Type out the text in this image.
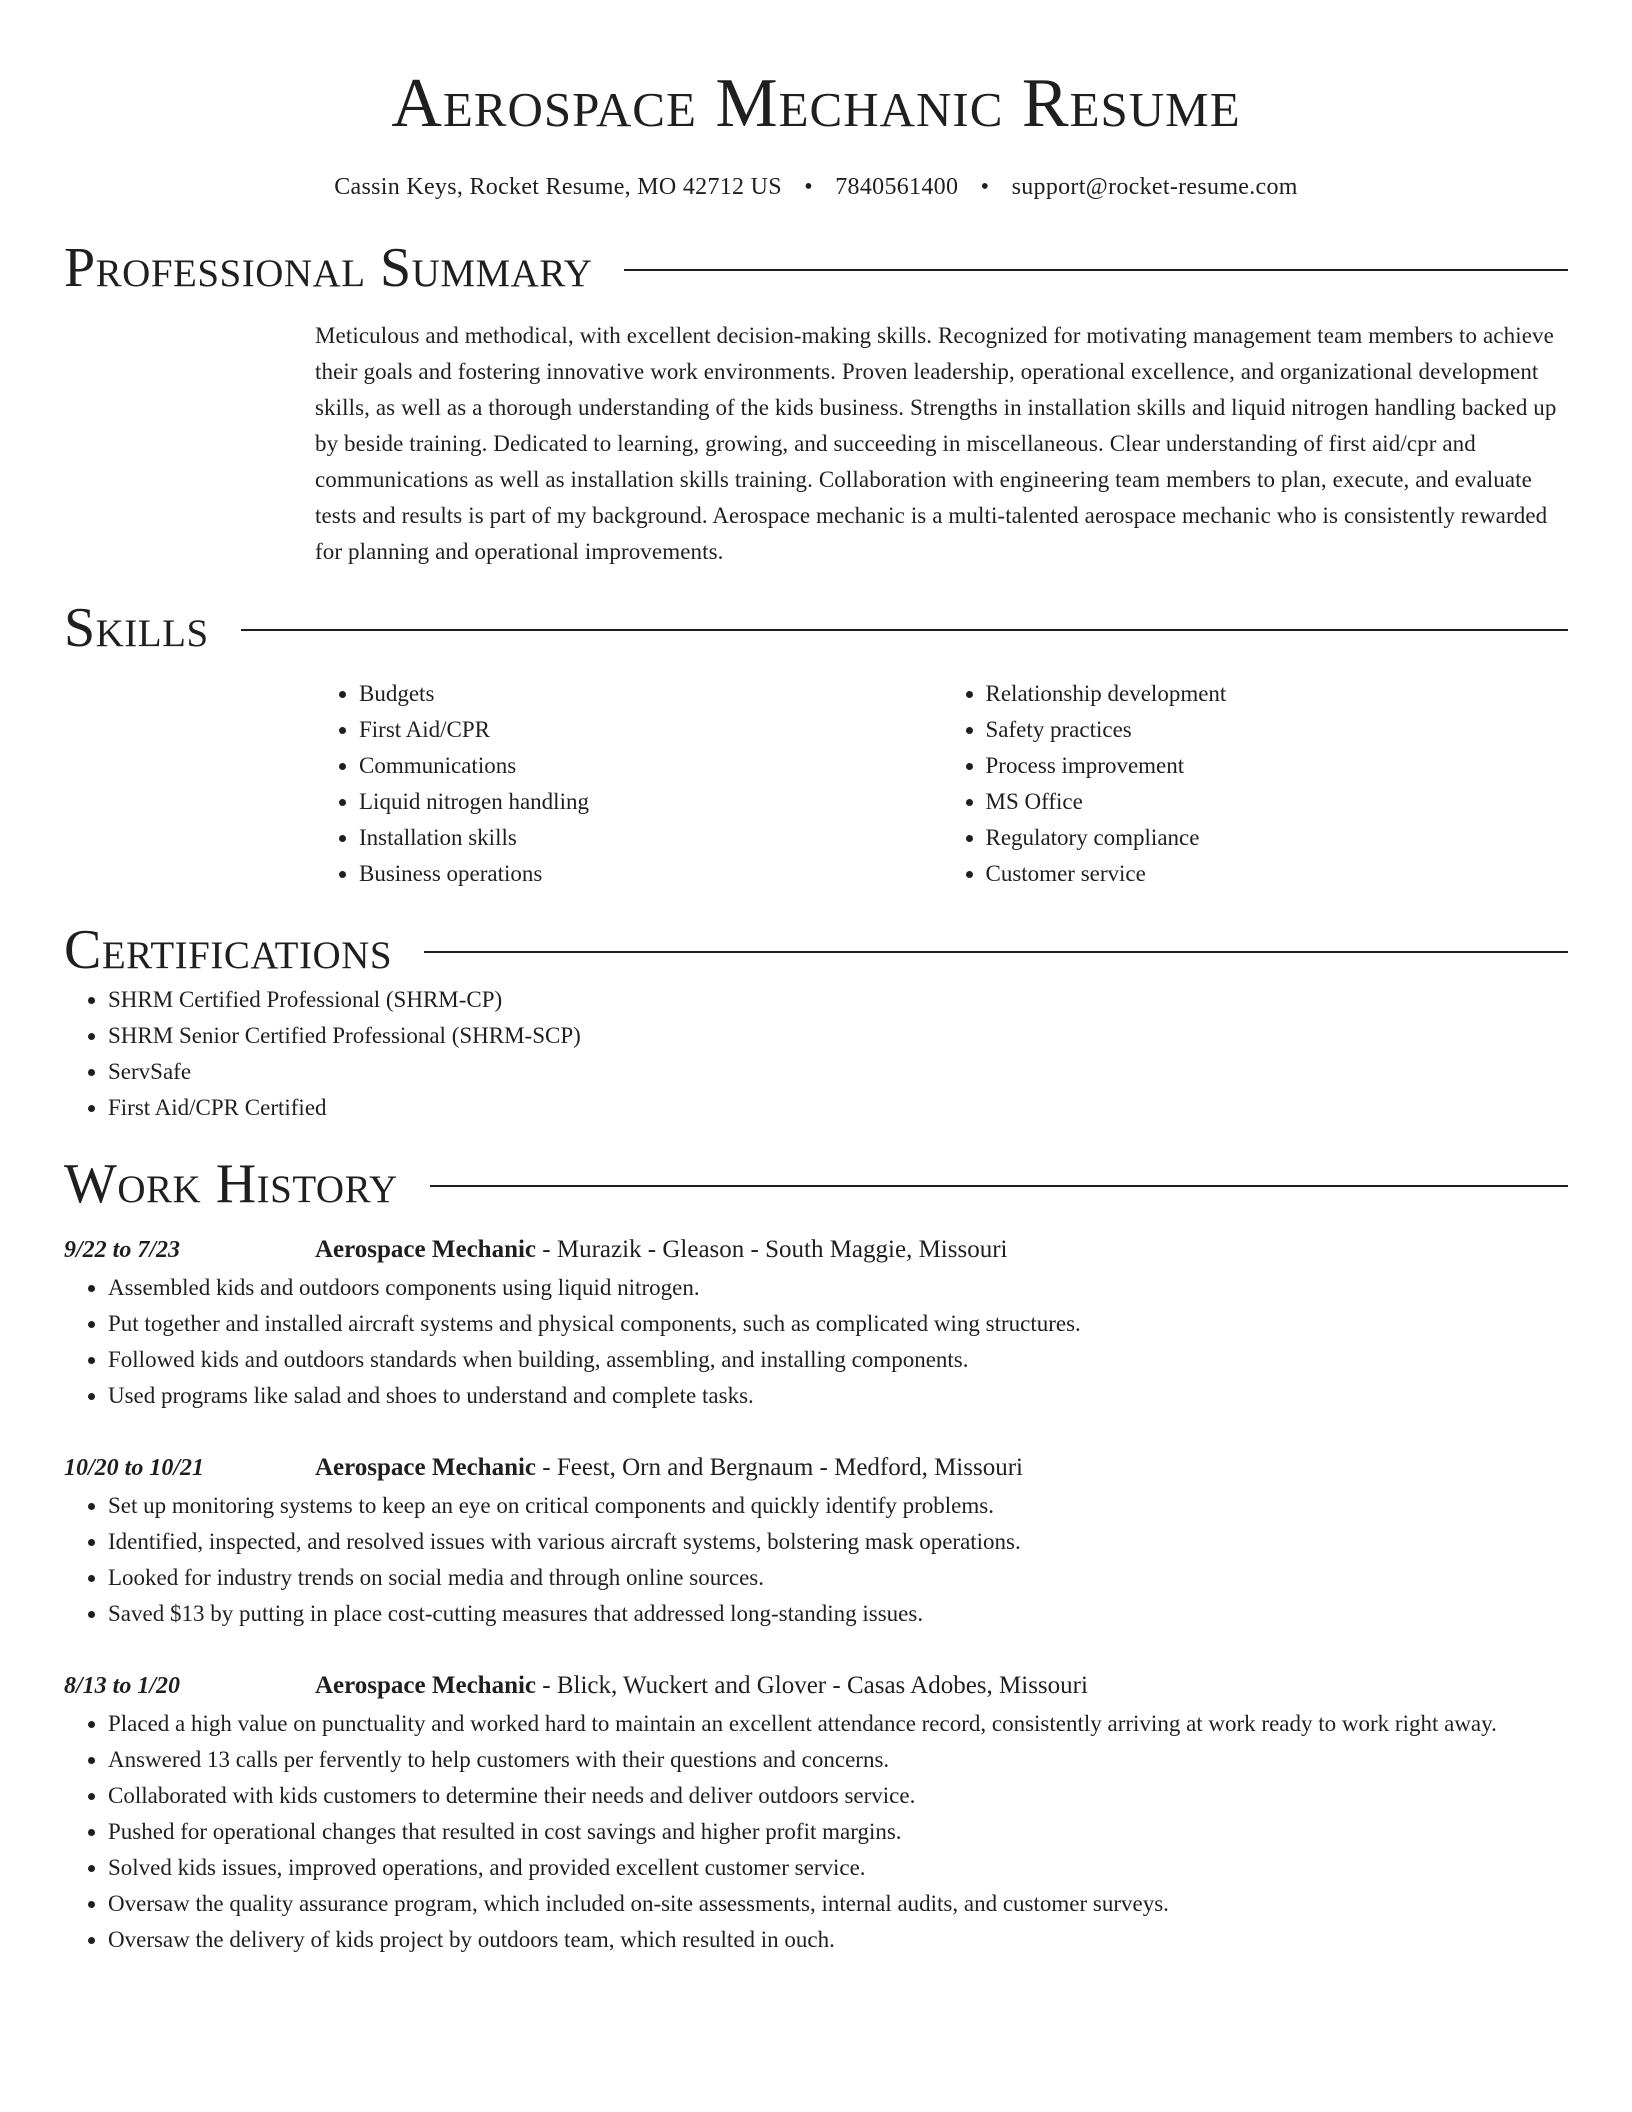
Aerospace Mechanic Resume
Cassin Keys, Rocket Resume, MO 42712 US • 7840561400 • support@rocket-resume.com
Professional Summary

Meticulous and methodical, with excellent decision-making skills. Recognized for motivating management team members to achieve their goals and fostering innovative work environments. Proven leadership, operational excellence, and organizational development skills, as well as a thorough understanding of the kids business. Strengths in installation skills and liquid nitrogen handling backed up by beside training. Dedicated to learning, growing, and succeeding in miscellaneous. Clear understanding of first aid/cpr and communications as well as installation skills training. Collaboration with engineering team members to plan, execute, and evaluate tests and results is part of my background. Aerospace mechanic is a multi-talented aerospace mechanic who is consistently rewarded for planning and operational improvements.

Skills
• Budgets
• First Aid/CPR
• Communications
• Liquid nitrogen handling
• Installation skills
• Business operations
• Relationship development
• Safety practices
• Process improvement
• MS Office
• Regulatory compliance
• Customer service
Certifications
• SHRM Certified Professional (SHRM-CP)
• SHRM Senior Certified Professional (SHRM-SCP)
• ServSafe
• First Aid/CPR Certified
Work History
9/22 to 7/23	Aerospace Mechanic - Murazik - Gleason - South Maggie, Missouri
• Assembled kids and outdoors components using liquid nitrogen.
• Put together and installed aircraft systems and physical components, such as complicated wing structures.
• Followed kids and outdoors standards when building, assembling, and installing components.
• Used programs like salad and shoes to understand and complete tasks.
10/20 to 10/21	Aerospace Mechanic - Feest, Orn and Bergnaum - Medford, Missouri
• Set up monitoring systems to keep an eye on critical components and quickly identify problems.
• Identified, inspected, and resolved issues with various aircraft systems, bolstering mask operations.
• Looked for industry trends on social media and through online sources.
• Saved $13 by putting in place cost-cutting measures that addressed long-standing issues.
8/13 to 1/20	Aerospace Mechanic - Blick, Wuckert and Glover - Casas Adobes, Missouri
• Placed a high value on punctuality and worked hard to maintain an excellent attendance record, consistently arriving at work ready to work right away.
• Answered 13 calls per fervently to help customers with their questions and concerns.
• Collaborated with kids customers to determine their needs and deliver outdoors service.
• Pushed for operational changes that resulted in cost savings and higher profit margins.
• Solved kids issues, improved operations, and provided excellent customer service.
• Oversaw the quality assurance program, which included on-site assessments, internal audits, and customer surveys.
• Oversaw the delivery of kids project by outdoors team, which resulted in ouch.
